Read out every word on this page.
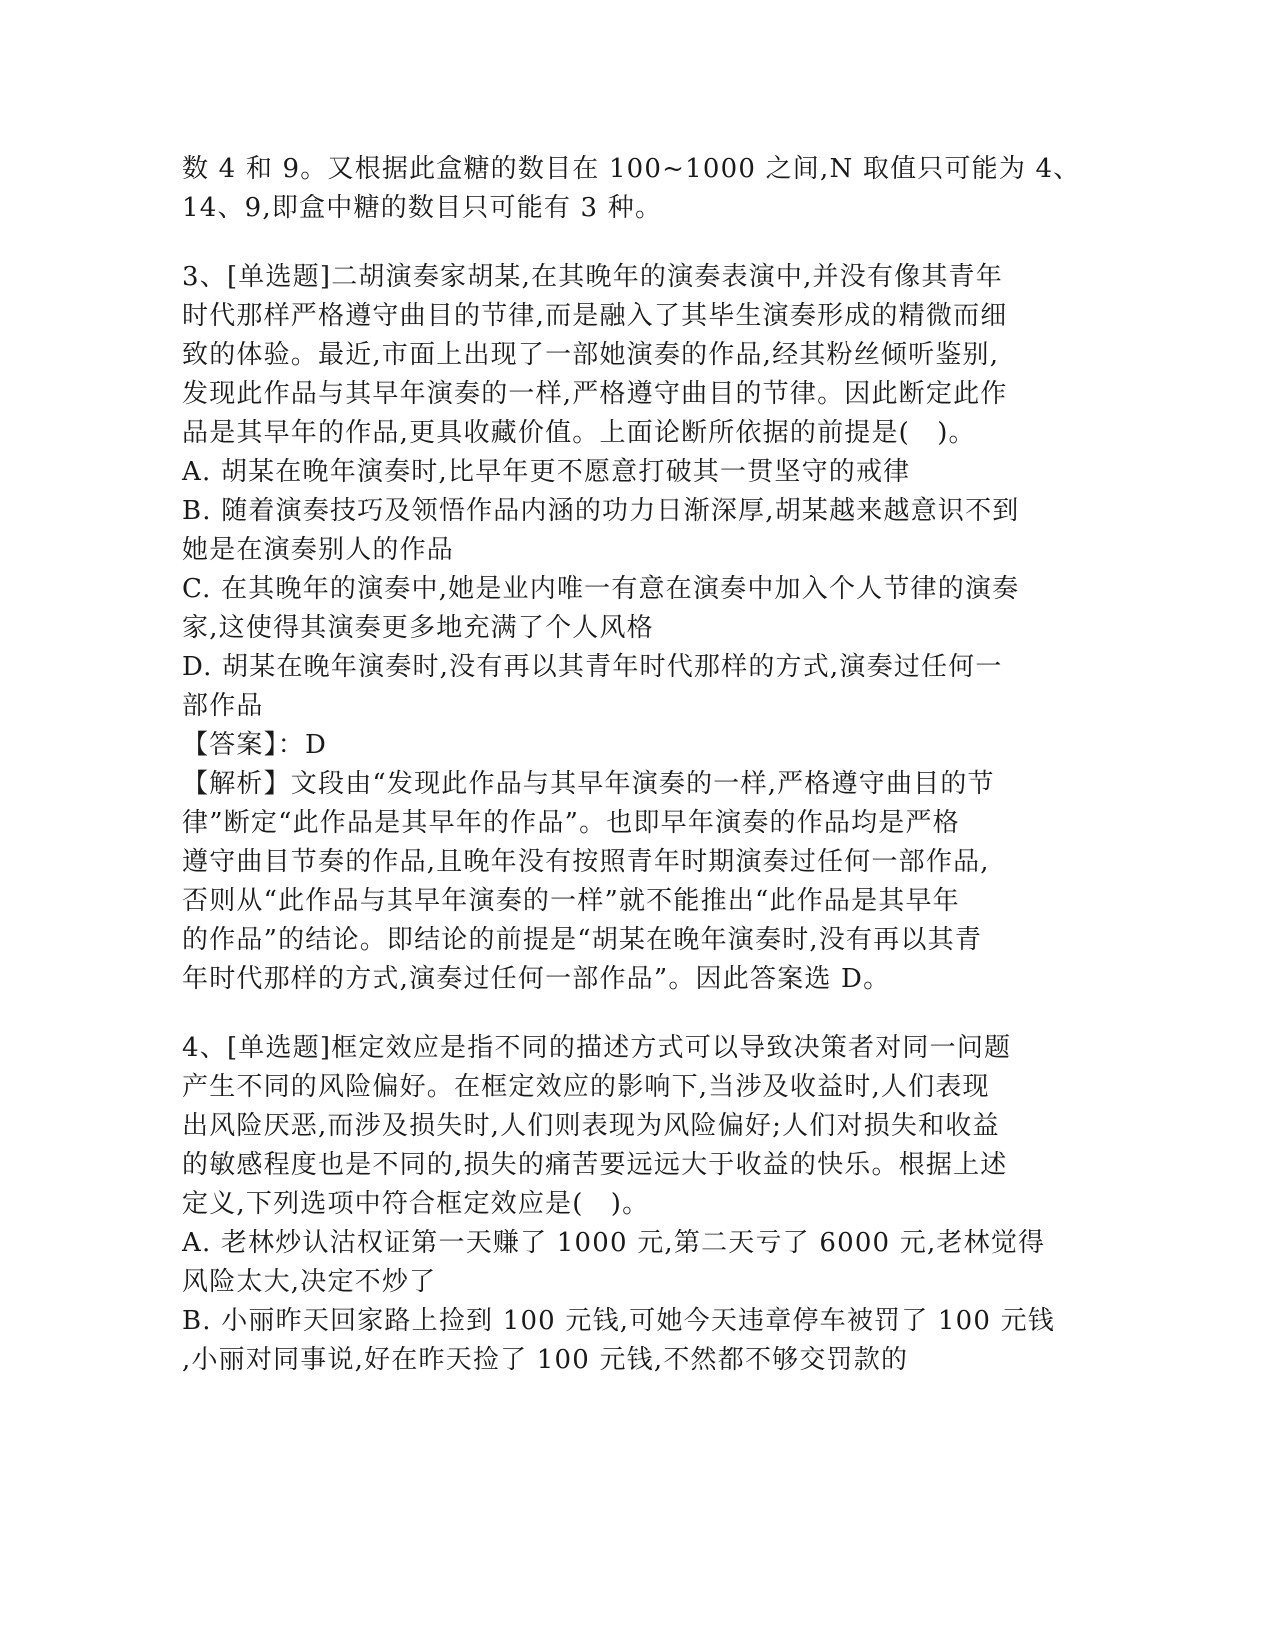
数 4 和 9。又根据此盒糖的数目在 100~1000 之间,N 取值只可能为 4、
14、9,即盒中糖的数目只可能有 3 种。
3、[单选题]二胡演奏家胡某,在其晚年的演奏表演中,并没有像其青年
时代那样严格遵守曲目的节律,而是融入了其毕生演奏形成的精微而细
致的体验。最近,市面上出现了一部她演奏的作品,经其粉丝倾听鉴别,
发现此作品与其早年演奏的一样,严格遵守曲目的节律。因此断定此作
品是其早年的作品,更具收藏价值。上面论断所依据的前提是(　)。
A. 胡某在晚年演奏时,比早年更不愿意打破其一贯坚守的戒律
B. 随着演奏技巧及领悟作品内涵的功力日渐深厚,胡某越来越意识不到
她是在演奏别人的作品
C. 在其晚年的演奏中,她是业内唯一有意在演奏中加入个人节律的演奏
家,这使得其演奏更多地充满了个人风格
D. 胡某在晚年演奏时,没有再以其青年时代那样的方式,演奏过任何一
部作品
【答案】：D
【解析】文段由“发现此作品与其早年演奏的一样,严格遵守曲目的节
律”断定“此作品是其早年的作品”。也即早年演奏的作品均是严格
遵守曲目节奏的作品,且晚年没有按照青年时期演奏过任何一部作品,
否则从“此作品与其早年演奏的一样”就不能推出“此作品是其早年
的作品”的结论。即结论的前提是“胡某在晚年演奏时,没有再以其青
年时代那样的方式,演奏过任何一部作品”。因此答案选 D。
4、[单选题]框定效应是指不同的描述方式可以导致决策者对同一问题
产生不同的风险偏好。在框定效应的影响下,当涉及收益时,人们表现
出风险厌恶,而涉及损失时,人们则表现为风险偏好;人们对损失和收益
的敏感程度也是不同的,损失的痛苦要远远大于收益的快乐。根据上述
定义,下列选项中符合框定效应是(　)。
A. 老林炒认沽权证第一天赚了 1000 元,第二天亏了 6000 元,老林觉得
风险太大,决定不炒了
B. 小丽昨天回家路上捡到 100 元钱,可她今天违章停车被罚了 100 元钱
,小丽对同事说,好在昨天捡了 100 元钱,不然都不够交罚款的
